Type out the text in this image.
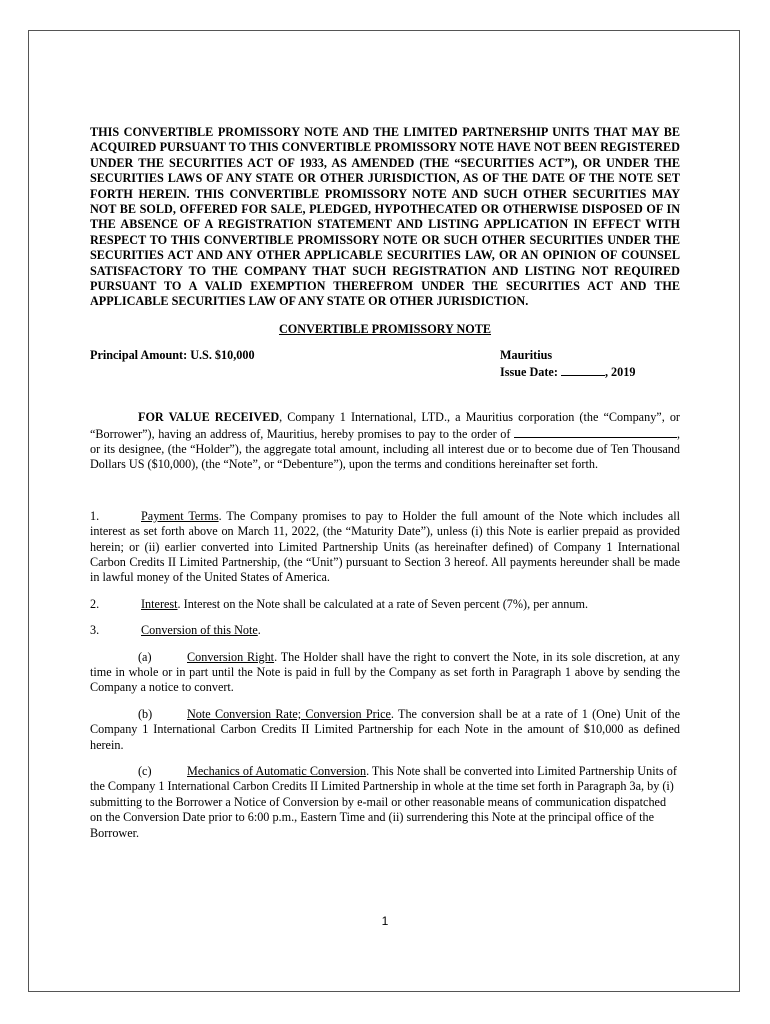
THIS CONVERTIBLE PROMISSORY NOTE AND THE LIMITED PARTNERSHIP UNITS THAT MAY BE ACQUIRED PURSUANT TO THIS CONVERTIBLE PROMISSORY NOTE HAVE NOT BEEN REGISTERED UNDER THE SECURITIES ACT OF 1933, AS AMENDED (THE “SECURITIES ACT”), OR UNDER THE SECURITIES LAWS OF ANY STATE OR OTHER JURISDICTION, AS OF THE DATE OF THE NOTE SET FORTH HEREIN. THIS CONVERTIBLE PROMISSORY NOTE AND SUCH OTHER SECURITIES MAY NOT BE SOLD, OFFERED FOR SALE, PLEDGED, HYPOTHECATED OR OTHERWISE DISPOSED OF IN THE ABSENCE OF A REGISTRATION STATEMENT AND LISTING APPLICATION IN EFFECT WITH RESPECT TO THIS CONVERTIBLE PROMISSORY NOTE OR SUCH OTHER SECURITIES UNDER THE SECURITIES ACT AND ANY OTHER APPLICABLE SECURITIES LAW, OR AN OPINION OF COUNSEL SATISFACTORY TO THE COMPANY THAT SUCH REGISTRATION AND LISTING NOT REQUIRED PURSUANT TO A VALID EXEMPTION THEREFROM UNDER THE SECURITIES ACT AND THE APPLICABLE SECURITIES LAW OF ANY STATE OR OTHER JURISDICTION.

CONVERTIBLE PROMISSORY NOTE

Principal Amount: U.S. $10,000	Mauritius
Issue Date:	, 2019

FOR VALUE RECEIVED, Company 1 International, LTD., a Mauritius corporation (the “Company”, or “Borrower”), having an address of, Mauritius, hereby promises to pay to the order of	, or its designee, (the “Holder”), the aggregate total amount, including all interest due or to become due of Ten Thousand Dollars US ($10,000), (the “Note”, or “Debenture”), upon the terms and conditions hereinafter set forth.

1.	Payment Terms. The Company promises to pay to Holder the full amount of the Note which includes all interest as set forth above on March 11, 2022, (the “Maturity Date”), unless (i) this Note is earlier prepaid as provided herein; or (ii) earlier converted into Limited Partnership Units (as hereinafter defined) of Company 1 International Carbon Credits II Limited Partnership, (the “Unit”) pursuant to Section 3 hereof. All payments hereunder shall be made in lawful money of the United States of America.

2.	Interest. Interest on the Note shall be calculated at a rate of Seven percent (7%), per annum.

3.	Conversion of this Note.

(a)	Conversion Right. The Holder shall have the right to convert the Note, in its sole discretion, at any time in whole or in part until the Note is paid in full by the Company as set forth in Paragraph 1 above by sending the Company a notice to convert.

(b)	Note Conversion Rate; Conversion Price. The conversion shall be at a rate of 1 (One) Unit of the Company 1 International Carbon Credits II Limited Partnership for each Note in the amount of $10,000 as defined herein.

(c)	Mechanics of Automatic Conversion. This Note shall be converted into Limited Partnership Units of the Company 1 International Carbon Credits II Limited Partnership in whole at the time set forth in Paragraph 3a, by (i) submitting to the Borrower a Notice of Conversion by e-mail or other reasonable means of communication dispatched on the Conversion Date prior to 6:00 p.m., Eastern Time and (ii) surrendering this Note at the principal office of the Borrower.

1
